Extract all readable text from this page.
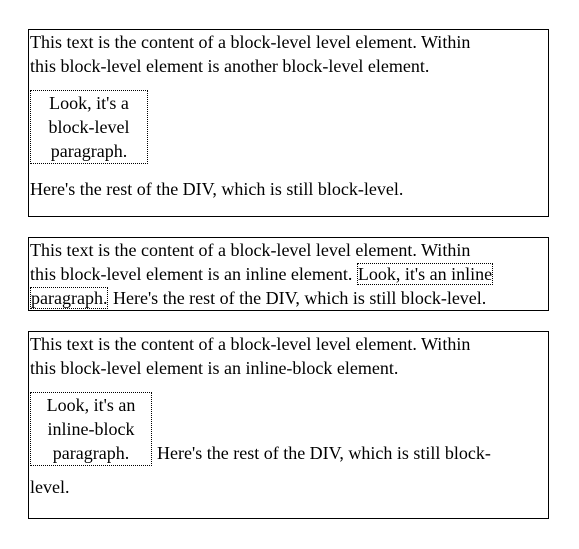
This text is the content of a block-level level element. Within
this block-level element is another block-level element.
Look, it's a
block-level
paragraph.
Here's the rest of the DIV, which is still block-level.
This text is the content of a block-level level element. Within
this block-level element is an inline element. Look, it's an inline
paragraph. Here's the rest of the DIV, which is still block-level.
This text is the content of a block-level level element. Within
this block-level element is an inline-block element.
Look, it's an
inline-block
paragraph.	Here's the rest of the DIV, which is still block-
level.
